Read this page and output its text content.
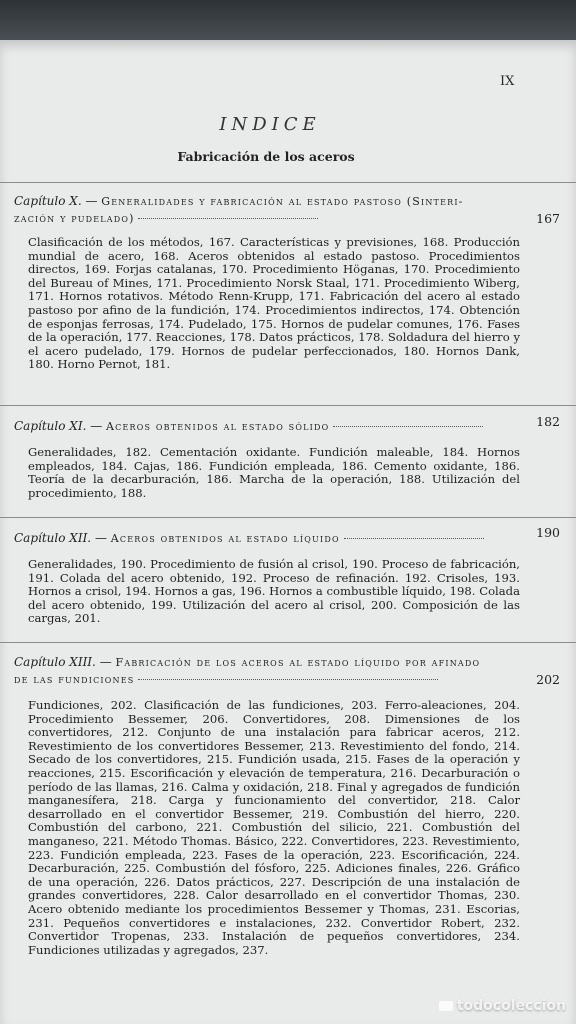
IX
INDICE
Fabricación de los aceros
167
Capítulo X. — Generalidades y fabricación al estado pastoso (Sinteri-
zación y pudelado)
Clasificación de los métodos, 167. Características y previsiones, 168. Producción mundial de acero, 168. Aceros obtenidos al estado pastoso. Procedimientos directos, 169. Forjas catalanas, 170. Procedimiento Höganas, 170. Procedimiento del Bureau of Mines, 171. Procedimiento Norsk Staal, 171. Procedimiento Wiberg, 171. Hornos rotativos. Método Renn-Krupp, 171. Fabricación del acero al estado pastoso por afino de la fundición, 174. Procedimientos indirectos, 174. Obtención de esponjas ferrosas, 174. Pudelado, 175. Hornos de pudelar comunes, 176. Fases de la operación, 177. Reacciones, 178. Datos prácticos, 178. Soldadura del hierro y el acero pudelado, 179. Hornos de pudelar perfeccionados, 180. Hornos Dank, 180. Horno Pernot, 181.
182
Capítulo XI. — Aceros obtenidos al estado sólido
Generalidades, 182. Cementación oxidante. Fundición maleable, 184. Hornos empleados, 184. Cajas, 186. Fundición empleada, 186. Cemento oxidante, 186. Teoría de la decarburación, 186. Marcha de la operación, 188. Utilización del procedimiento, 188.
190
Capítulo XII. — Aceros obtenidos al estado líquido
Generalidades, 190. Procedimiento de fusión al crisol, 190. Proceso de fabricación, 191. Colada del acero obtenido, 192. Proceso de refinación. 192. Crisoles, 193. Hornos a crisol, 194. Hornos a gas, 196. Hornos a combustible líquido, 198. Colada del acero obtenido, 199. Utilización del acero al crisol, 200. Composición de las cargas, 201.
202
Capítulo XIII. — Fabricación de los aceros al estado líquido por afinado
de las fundiciones
Fundiciones, 202. Clasificación de las fundiciones, 203. Ferro-aleaciones, 204. Procedimiento Bessemer, 206. Convertidores, 208. Dimensiones de los convertidores, 212. Conjunto de una instalación para fabricar aceros, 212. Revestimiento de los convertidores Bessemer, 213. Revestimiento del fondo, 214. Secado de los convertidores, 215. Fundición usada, 215. Fases de la operación y reacciones, 215. Escorificación y elevación de temperatura, 216. Decarburación o período de las llamas, 216. Calma y oxidación, 218. Final y agregados de fundición manganesífera, 218. Carga y funcionamiento del convertidor, 218. Calor desarrollado en el convertidor Bessemer, 219. Combustión del hierro, 220. Combustión del carbono, 221. Combustión del silicio, 221. Combustión del manganeso, 221. Método Thomas. Básico, 222. Convertidores, 223. Revestimiento, 223. Fundición empleada, 223. Fases de la operación, 223. Escorificación, 224. Decarburación, 225. Combustión del fósforo, 225. Adiciones finales, 226. Gráfico de una operación, 226. Datos prácticos, 227. Descripción de una instalación de grandes convertidores, 228. Calor desarrollado en el convertidor Thomas, 230. Acero obtenido mediante los procedimientos Bessemer y Thomas, 231. Escorias, 231. Pequeños convertidores e instalaciones, 232. Convertidor Robert, 232. Convertidor Tropenas, 233. Instalación de pequeños convertidores, 234. Fundiciones utilizadas y agregados, 237.
todocoleccion
